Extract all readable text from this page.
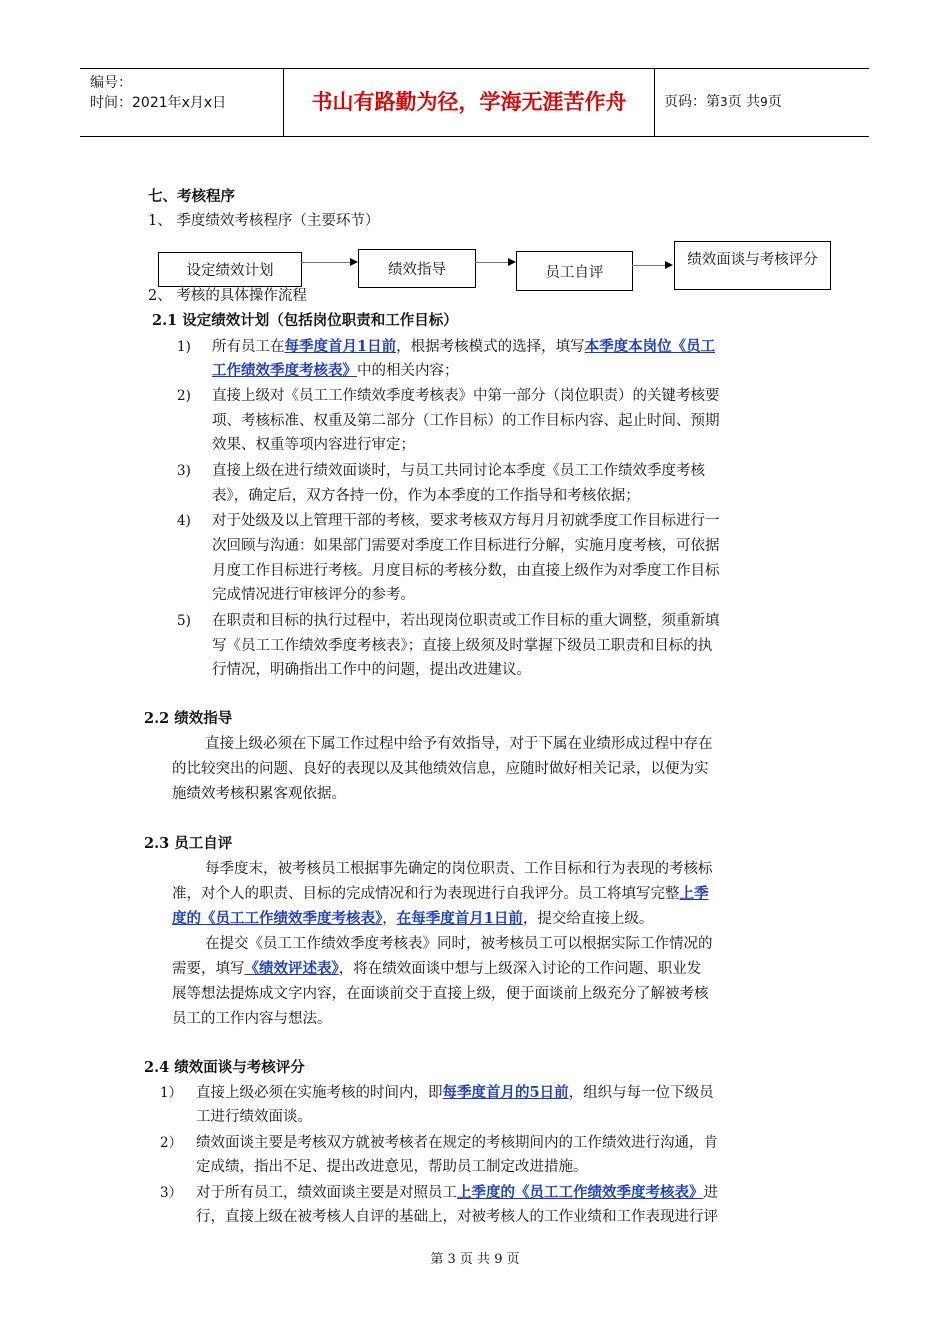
编号：
时间：2021年x月x日	书山有路勤为径，学海无涯苦作舟	页码：第3页 共9页
七、考核程序
1、 季度绩效考核程序（主要环节）
设定绩效计划	绩效指导	员工自评
绩效面谈与考核评分
2、 考核的具体操作流程
2.1 设定绩效计划（包括岗位职责和工作目标）
1) 所有员工在每季度首月1日前，根据考核模式的选择，填写本季度本岗位《员工
工作绩效季度考核表》中的相关内容；
2) 直接上级对《员工工作绩效季度考核表》中第一部分（岗位职责）的关键考核要
项、考核标准、权重及第二部分（工作目标）的工作目标内容、起止时间、预期
效果、权重等项内容进行审定；
3) 直接上级在进行绩效面谈时，与员工共同讨论本季度《员工工作绩效季度考核
表》，确定后，双方各持一份，作为本季度的工作指导和考核依据；
4) 对于处级及以上管理干部的考核，要求考核双方每月月初就季度工作目标进行一
次回顾与沟通：如果部门需要对季度工作目标进行分解，实施月度考核，可依据
月度工作目标进行考核。月度目标的考核分数，由直接上级作为对季度工作目标
完成情况进行审核评分的参考。
5) 在职责和目标的执行过程中，若出现岗位职责或工作目标的重大调整，须重新填
写《员工工作绩效季度考核表》；直接上级须及时掌握下级员工职责和目标的执
行情况，明确指出工作中的问题，提出改进建议。
2.2 绩效指导
直接上级必须在下属工作过程中给予有效指导，对于下属在业绩形成过程中存在
的比较突出的问题、良好的表现以及其他绩效信息，应随时做好相关记录，以便为实
施绩效考核积累客观依据。
2.3 员工自评
每季度末，被考核员工根据事先确定的岗位职责、工作目标和行为表现的考核标
准，对个人的职责、目标的完成情况和行为表现进行自我评分。员工将填写完整上季
度的《员工工作绩效季度考核表》，在每季度首月1日前，提交给直接上级。
在提交《员工工作绩效季度考核表》同时，被考核员工可以根据实际工作情况的
需要，填写《绩效评述表》，将在绩效面谈中想与上级深入讨论的工作问题、职业发
展等想法提炼成文字内容，在面谈前交于直接上级，便于面谈前上级充分了解被考核
员工的工作内容与想法。
2.4 绩效面谈与考核评分
1） 直接上级必须在实施考核的时间内，即每季度首月的5日前，组织与每一位下级员
工进行绩效面谈。
2） 绩效面谈主要是考核双方就被考核者在规定的考核期间内的工作绩效进行沟通，肯
定成绩，指出不足、提出改进意见，帮助员工制定改进措施。
3） 对于所有员工，绩效面谈主要是对照员工上季度的《员工工作绩效季度考核表》进
行，直接上级在被考核人自评的基础上，对被考核人的工作业绩和工作表现进行评
第 3 页 共 9 页
